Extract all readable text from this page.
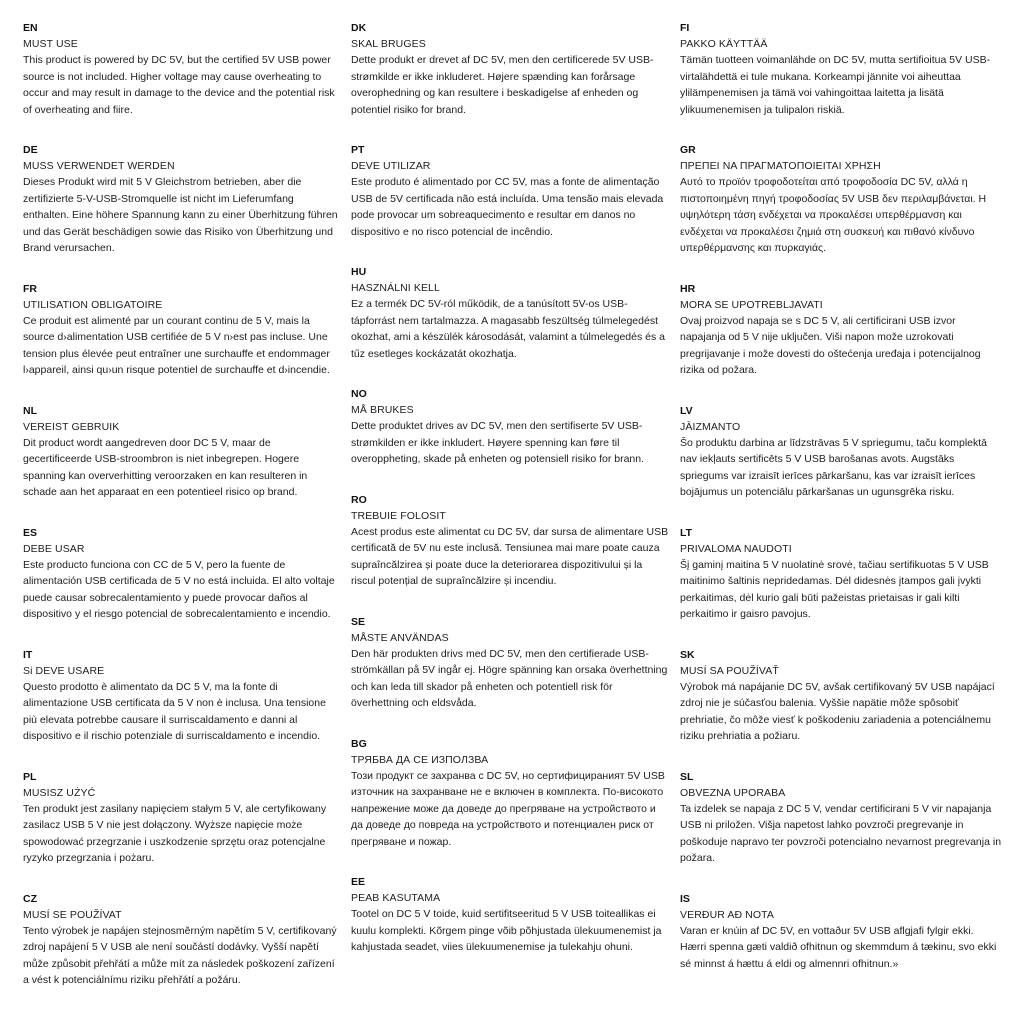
EN
MUST USE

This product is powered by DC 5V, but the certified 5V USB power source is not included. Higher voltage may cause overheating to occur and may result in damage to the device and the potential risk of overheating and fiire.

DE
MUSS VERWENDET WERDEN

Dieses Produkt wird mit 5 V Gleichstrom betrieben, aber die zertifizierte 5-V-USB-Stromquelle ist nicht im Lieferumfang enthalten. Eine höhere Spannung kann zu einer Überhitzung führen und das Gerät beschädigen sowie das Risiko von Überhitzung und Brand verursachen.

FR
UTILISATION OBLIGATOIRE

Ce produit est alimenté par un courant continu de 5 V, mais la source d›alimentation USB certifiée de 5 V n›est pas incluse. Une tension plus élevée peut entraîner une surchauffe et endommager l›appareil, ainsi qu›un risque potentiel de surchauffe et d›incendie.

NL
VEREIST GEBRUIK

Dit product wordt aangedreven door DC 5 V, maar de gecertificeerde USB-stroombron is niet inbegrepen. Hogere spanning kan oververhitting veroorzaken en kan resulteren in schade aan het apparaat en een potentieel risico op brand.

ES
DEBE USAR

Este producto funciona con CC de 5 V, pero la fuente de alimentación USB certificada de 5 V no está incluida. El alto voltaje puede causar sobrecalentamiento y puede provocar daños al dispositivo y el riesgo potencial de sobrecalentamiento e incendio.

IT
Si DEVE USARE

Questo prodotto è alimentato da DC 5 V, ma la fonte di alimentazione USB certificata da 5 V non è inclusa. Una tensione più elevata potrebbe causare il surriscaldamento e danni al dispositivo e il rischio potenziale di surriscaldamento e incendio.

PL
MUSISZ UŻYĆ

Ten produkt jest zasilany napięciem stałym 5 V, ale certyfikowany zasilacz USB 5 V nie jest dołączony. Wyższe napięcie może spowodować przegrzanie i uszkodzenie sprzętu oraz potencjalne ryzyko przegrzania i pożaru.

CZ
MUSÍ SE POUŽÍVAT

Tento výrobek je napájen stejnosměrným napětím 5 V, certifikovaný zdroj napájení 5 V USB ale není součástí dodávky. Vyšší napětí může způsobit přehřátí a může mít za následek poškození zařízení a vést k potenciálnímu riziku přehřátí a požáru.

DK
SKAL BRUGES

Dette produkt er drevet af DC 5V, men den certificerede 5V USB-strømkilde er ikke inkluderet. Højere spænding kan forårsage overophedning og kan resultere i beskadigelse af enheden og potentiel risiko for brand.

PT
DEVE UTILIZAR

Este produto é alimentado por CC 5V, mas a fonte de alimentação USB de 5V certificada não está incluída. Uma tensão mais elevada pode provocar um sobreaquecimento e resultar em danos no dispositivo e no risco potencial de incêndio.

HU
HASZNÁLNI KELL

Ez a termék DC 5V-ról működik, de a tanúsított 5V-os USB-tápforrást nem tartalmazza. A magasabb feszültség túlmelegedést okozhat, ami a készülék károsodását, valamint a túlmelegedés és a tűz esetleges kockázatát okozhatja.

NO
MÅ BRUKES

Dette produktet drives av DC 5V, men den sertifiserte 5V USB-strømkilden er ikke inkludert. Høyere spenning kan føre til overoppheting, skade på enheten og potensiell risiko for brann.

RO
TREBUIE FOLOSIT

Acest produs este alimentat cu DC 5V, dar sursa de alimentare USB certificată de 5V nu este inclusă. Tensiunea mai mare poate cauza supraîncălzirea și poate duce la deteriorarea dispozitivului și la riscul potențial de supraîncălzire și incendiu.

SE
MÅSTE ANVÄNDAS

Den här produkten drivs med DC 5V, men den certifierade USB-strömkällan på 5V ingår ej. Högre spänning kan orsaka överhettning och kan leda till skador på enheten och potentiell risk för överhettning och eldsvåda.

BG
ТРЯБВА ДА СЕ ИЗПОЛЗВА

Този продукт се захранва с DC 5V, но сертифицираният 5V USB източник на захранване не е включен в комплекта. По-високото напрежение може да доведе до прегряване на устройството и да доведе до повреда на устройството и потенциален риск от прегряване и пожар.

EE
PEAB KASUTAMA

Tootel on DC 5 V toide, kuid sertifitseeritud 5 V USB toiteallikas ei kuulu komplekti. Kõrgem pinge võib põhjustada ülekuumenemist ja kahjustada seadet, viies ülekuumenemise ja tulekahju ohuni.

FI
PAKKO KÄYTTÄÄ

Tämän tuotteen voimanlähde on DC 5V, mutta sertifioitua 5V USB-virtalähdettä ei tule mukana. Korkeampi jännite voi aiheuttaa ylilämpenemisen ja tämä voi vahingoittaa laitetta ja lisätä ylikuumenemisen ja tulipalon riskiä.

GR
ΠΡΕΠΕΙ ΝΑ ΠΡΑΓΜΑΤΟΠΟΙΕΙΤΑΙ ΧΡΗΣΗ

Αυτό το προϊόν τροφοδοτείται από τροφοδοσία DC 5V, αλλά η πιστοποιημένη πηγή τροφοδοσίας 5V USB δεν περιλαμβάνεται. Η υψηλότερη τάση ενδέχεται να προκαλέσει υπερθέρμανση και ενδέχεται να προκαλέσει ζημιά στη συσκευή και πιθανό κίνδυνο υπερθέρμανσης και πυρκαγιάς.

HR
MORA SE UPOTREBLJAVATI

Ovaj proizvod napaja se s DC 5 V, ali certificirani USB izvor napajanja od 5 V nije uključen. Viši napon može uzrokovati pregrijavanje i može dovesti do oštećenja uređaja i potencijalnog rizika od požara.

LV
JĀIZMANTO

Šo produktu darbina ar līdzstrāvas 5 V spriegumu, taču komplektā nav iekļauts sertificēts 5 V USB barošanas avots. Augstāks spriegums var izraisīt ierīces pārkaršanu, kas var izraisīt ierīces bojājumus un potenciālu pārkaršanas un ugunsgrēka risku.

LT
PRIVALOMA NAUDOTI

Šį gaminį maitina 5 V nuolatinė srovė, tačiau sertifikuotas 5 V USB maitinimo šaltinis nepridedamas. Dėl didesnės įtampos gali įvykti perkaitimas, dėl kurio gali būti pažeistas prietaisas ir gali kilti perkaitimo ir gaisro pavojus.

SK
MUSÍ SA POUŽÍVAŤ

Výrobok má napájanie DC 5V, avšak certifikovaný 5V USB napájací zdroj nie je súčasťou balenia. Vyššie napätie môže spôsobiť prehriatie, čo môže viesť k poškodeniu zariadenia a potenciálnemu riziku prehriatia a požiaru.

SL
OBVEZNA UPORABA

Ta izdelek se napaja z DC 5 V, vendar certificirani 5 V vir napajanja USB ni priložen. Višja napetost lahko povzroči pregrevanje in poškoduje napravo ter povzroči potencialno nevarnost pregrevanja in požara.

IS
VERÐUR AÐ NOTA

Varan er knúin af DC 5V, en vottaður 5V USB aflgjafi fylgir ekki. Hærri spenna gæti valdið ofhitnun og skemmdum á tækinu, svo ekki sé minnst á hættu á eldi og almennri ofhitnun.»
